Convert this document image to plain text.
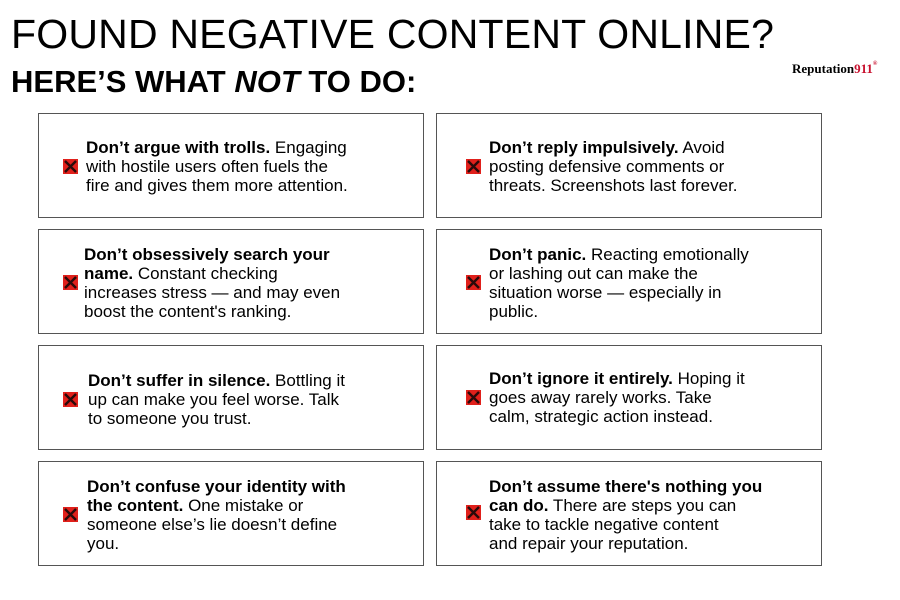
FOUND NEGATIVE CONTENT ONLINE?
HERE’S WHAT NOT TO DO:	Reputation911®
Don’t argue with trolls. Engaging
with hostile users often fuels the
fire and gives them more attention.
Don’t reply impulsively. Avoid
posting defensive comments or
threats. Screenshots last forever.
Don’t obsessively search your
name. Constant checking
increases stress — and may even
boost the content's ranking.
Don’t panic. Reacting emotionally
or lashing out can make the
situation worse — especially in
public.
Don’t suffer in silence. Bottling it
up can make you feel worse. Talk
to someone you trust.
Don’t ignore it entirely. Hoping it
goes away rarely works. Take
calm, strategic action instead.
Don’t confuse your identity with
the content. One mistake or
someone else’s lie doesn’t define
you.
Don’t assume there's nothing you
can do. There are steps you can
take to tackle negative content
and repair your reputation.
